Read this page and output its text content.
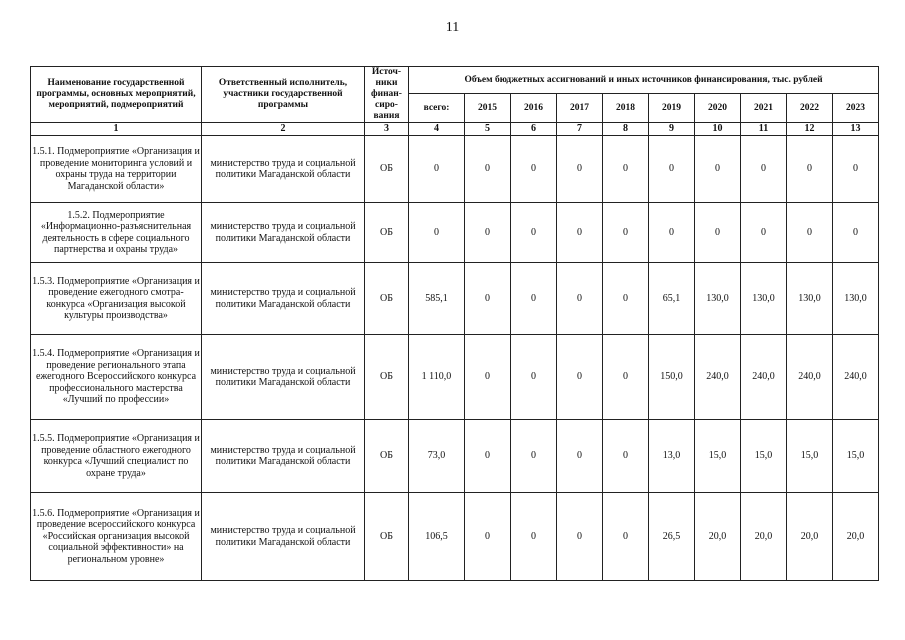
11
Наименование государственной программы, основных мероприятий, мероприятий, подмероприятий	Ответственный исполнитель, участники государственной программы	Источ-ники финан-сиро-вания	Объем бюджетных ассигнований и иных источников финансирования, тыс. рублей									
			всего:	2015	2016	2017	2018	2019	2020	2021	2022	2023
1	2	3	4	5	6	7	8	9	10	11	12	13
1.5.1. Подмероприятие «Организация и проведение мониторинга условий и охраны труда на территории Магаданской области»	министерство труда и социальной политики Магаданской области	ОБ	0	0	0	0	0	0	0	0	0	0
1.5.2. Подмероприятие «Информационно-разъяснительная деятельность в сфере социального партнерства и охраны труда»	министерство труда и социальной политики Магаданской области	ОБ	0	0	0	0	0	0	0	0	0	0
1.5.3. Подмероприятие «Организация и проведение ежегодного смотра-конкурса «Организация высокой культуры производства»	министерство труда и социальной политики Магаданской области	ОБ	585,1	0	0	0	0	65,1	130,0	130,0	130,0	130,0
1.5.4. Подмероприятие «Организация и проведение регионального этапа ежегодного Всероссийского конкурса профессионального мастерства «Лучший по профессии»	министерство труда и социальной политики Магаданской области	ОБ	1 110,0	0	0	0	0	150,0	240,0	240,0	240,0	240,0
1.5.5. Подмероприятие «Организация и проведение областного ежегодного конкурса «Лучший специалист по охране труда»	министерство труда и социальной политики Магаданской области	ОБ	73,0	0	0	0	0	13,0	15,0	15,0	15,0	15,0
1.5.6. Подмероприятие «Организация и проведение всероссийского конкурса «Российская организация высокой социальной эффективности» на региональном уровне»	министерство труда и социальной политики Магаданской области	ОБ	106,5	0	0	0	0	26,5	20,0	20,0	20,0	20,0
